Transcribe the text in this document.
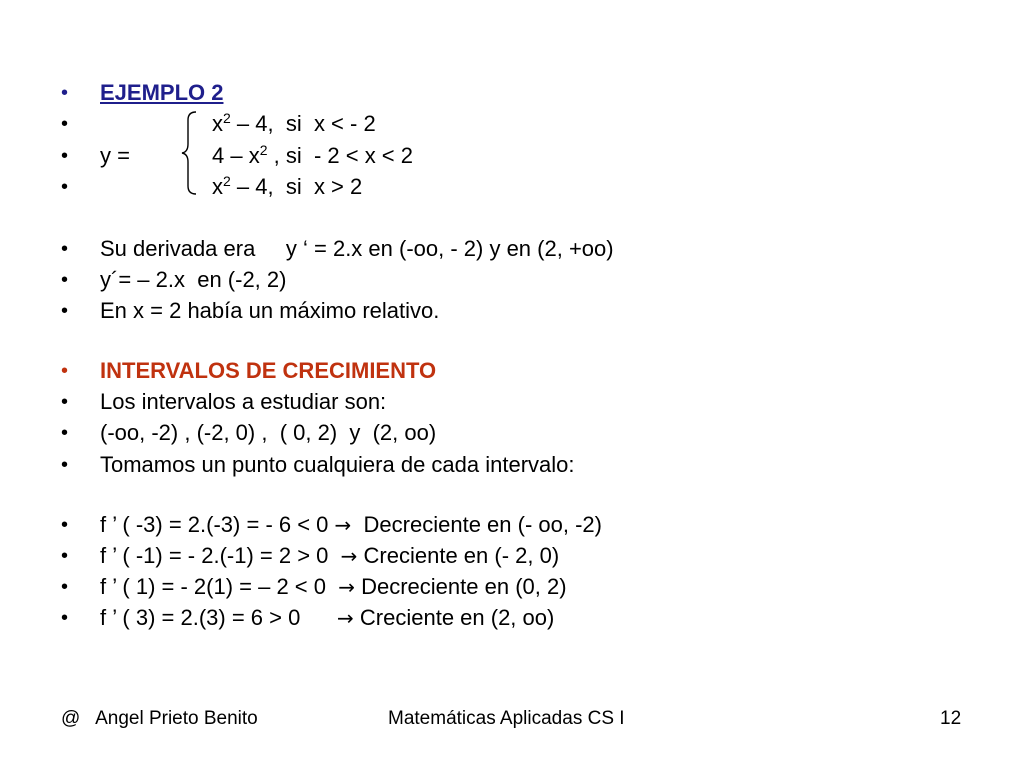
•

EJEMPLO 2

•

	$x^2 - 4$,  si  x < - 2

•

y =

	$4 - x^2$ , si  - 2 < x < 2

•

	$x^2 - 4$,  si  x > 2

•

Su derivada era     y ‘ = 2.x en (-oo, - 2) y en (2, +oo)

•

y´= – 2.x  en (-2, 2)

•

En x = 2 había un máximo relativo.

•

INTERVALOS DE CRECIMIENTO

•

Los intervalos a estudiar son:

•

(-oo, -2) , (-2, 0) ,  ( 0, 2)  y  (2, oo)

•

Tomamos un punto cualquiera de cada intervalo:

•

f ’ ( -3) = 2.(-3) = - 6 < 0 →  Decreciente en (- oo, -2)

•

f ’ ( -1) = - 2.(-1) = 2 > 0  → Creciente en (- 2, 0)

•

f ’ ( 1) = - 2(1) = – 2 < 0  → Decreciente en (0, 2)

•

f ’ ( 3) = 2.(3) = 6 > 0      → Creciente en (2, oo)

@   Angel Prieto Benito	Matemáticas Aplicadas CS I	12
